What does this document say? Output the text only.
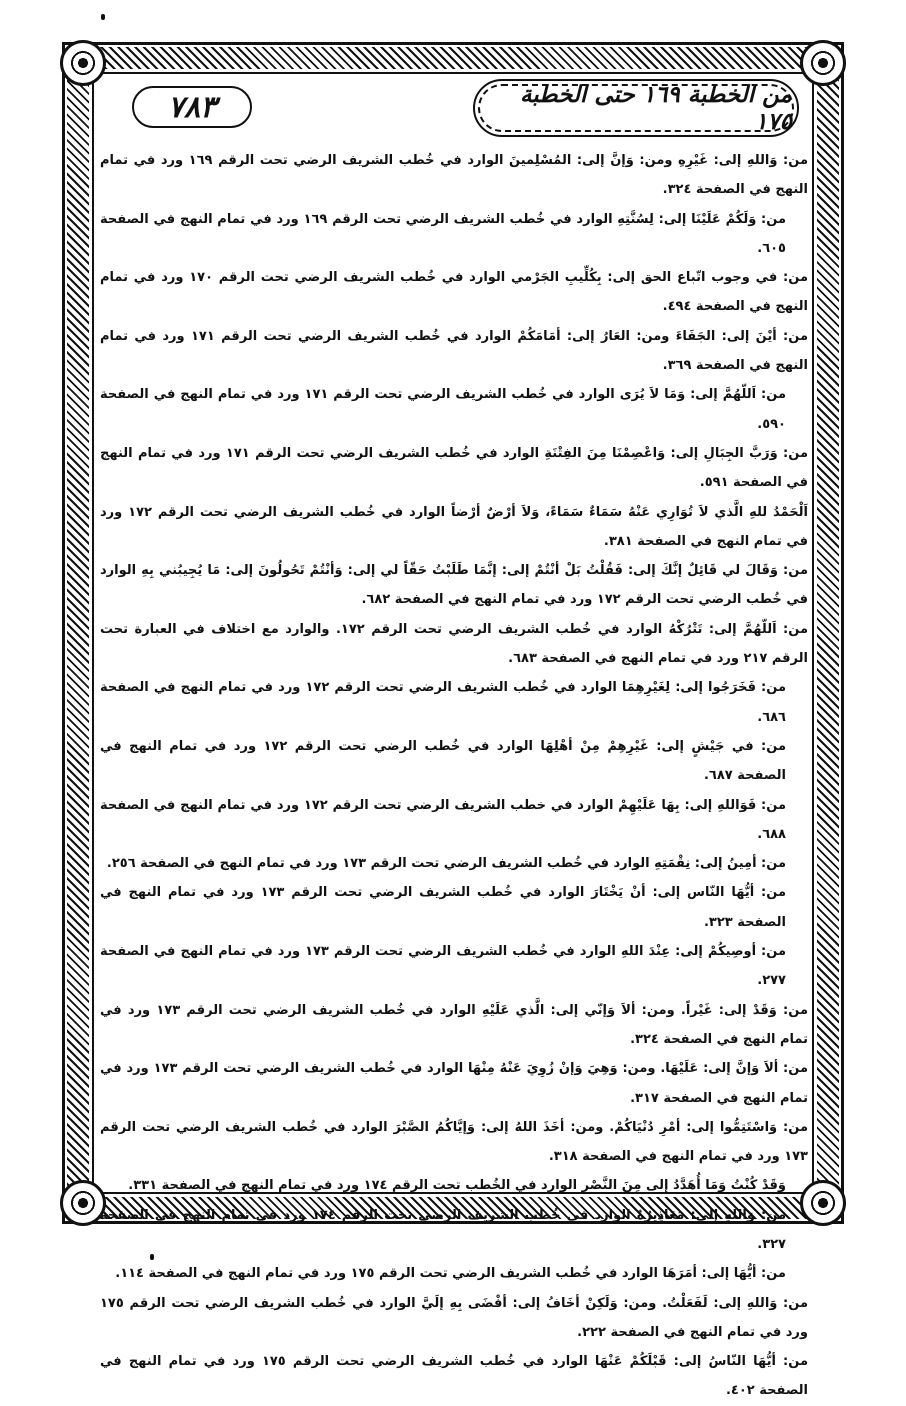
٧٨٣	من الخطبة ١٦٩ حتى الخطبة ١٧٥

من: وَاللهِ إلى: غَيْرِهِ ومن: وَإنَّ إلى: المُسْلِمينَ الوارد في خُطب الشريف الرضي تحت الرقم ١٦٩ ورد في تمام النهج في الصفحة ٣٢٤.

من: وَلَكُمْ عَلَيْنَا إلى: لِسُنَّتِهِ الوارد في خُطب الشريف الرضي تحت الرقم ١٦٩ ورد في تمام النهج في الصفحة ٦٠٥.

من: في وجوب اتّباع الحق إلى: بِكُلِّيبِ الجَرْمي الوارد في خُطب الشريف الرضي تحت الرقم ١٧٠ ورد في تمام النهج في الصفحة ٤٩٤.

من: أيْنَ إلى: الجَفَاءَ ومن: العَارُ إلى: أمَامَكُمْ الوارد في خُطب الشريف الرضي تحت الرقم ١٧١ ورد في تمام النهج في الصفحة ٣٦٩.

من: اَللّهُمَّ إلى: وَمَا لاَ يُرَى الوارد في خُطب الشريف الرضي تحت الرقم ١٧١ ورد في تمام النهج في الصفحة ٥٩٠.

من: وَرَبَّ الجِبَالِ إلى: وَاعْصِمْنَا مِنَ الفِتْنَةِ الوارد في خُطب الشريف الرضي تحت الرقم ١٧١ ورد في تمام النهج في الصفحة ٥٩١.

اَلْحَمْدُ للهِ الَّذي لاَ تُوَارِي عَنْهُ سَمَاءٌ سَمَاءً، وَلاَ أرْضٌ أرْضاً الوارد في خُطب الشريف الرضي تحت الرقم ١٧٢ ورد في تمام النهج في الصفحة ٣٨١.

من: وَقَالَ لي قَائِلٌ إنَّكَ إلى: فَقُلْتُ بَلْ أنْتُمْ إلى: إنَّمَا طَلَبْتُ حَقّاً لي إلى: وَأنْتُمْ تَحُولُونَ إلى: مَا يُجِيبُني بِهِ الوارد في خُطب الرضي تحت الرقم ١٧٢ ورد في تمام النهج في الصفحة ٦٨٢.

من: اَللّهُمَّ إلى: تَتْرُكْهُ الوارد في خُطب الشريف الرضي تحت الرقم ١٧٢. والوارد مع اختلاف في العبارة تحت الرقم ٢١٧ ورد في تمام النهج في الصفحة ٦٨٣.

من: فَخَرَجُوا إلى: لِغَيْرِهِمَا الوارد في خُطب الشريف الرضي تحت الرقم ١٧٢ ورد في تمام النهج في الصفحة ٦٨٦.

من: في جَيْشٍ إلى: غَيْرِهِمْ مِنْ أهْلِهَا الوارد في خُطب الرضي تحت الرقم ١٧٢ ورد في تمام النهج في الصفحة ٦٨٧.

من: فَوَاللهِ إلى: بِهَا عَلَيْهِمْ الوارد في خطب الشريف الرضي تحت الرقم ١٧٢ ورد في تمام النهج في الصفحة ٦٨٨.

من: أمِينُ إلى: نِقْمَتِهِ الوارد في خُطب الشريف الرضي تحت الرقم ١٧٣ ورد في تمام النهج في الصفحة ٢٥٦.

من: أيُّهَا النّاس إلى: أنْ يَخْتَارَ الوارد في خُطب الشريف الرضي تحت الرقم ١٧٣ ورد في تمام النهج في الصفحة ٣٢٣.

من: أوصِيكُمْ إلى: عِنْدَ اللهِ الوارد في خُطب الشريف الرضي تحت الرقم ١٧٣ ورد في تمام النهج في الصفحة ٢٧٧.

من: وَقَدْ إلى: غَيْراً. ومن: ألاَ وَإنّي إلى: الَّذي عَلَيْهِ الوارد في خُطب الشريف الرضي تحت الرقم ١٧٣ ورد في تمام النهج في الصفحة ٣٢٤.

من: ألاَ وَإنَّ إلى: عَلَيْهَا. ومن: وَهِيَ وَإنْ زُوِيَ عَنْهُ مِنْهَا الوارد في خُطب الشريف الرضي تحت الرقم ١٧٣ ورد في تمام النهج في الصفحة ٣١٧.

من: وَاسْتَتِمُّوا إلى: أمْرِ دُنْيَاكُمْ. ومن: أخَذَ اللهُ إلى: وَإيَّاكُمُ الصَّبْرَ الوارد في خُطب الشريف الرضي تحت الرقم ١٧٣ ورد في تمام النهج في الصفحة ٣١٨.

وَقَدْ كُنْتُ وَمَا أُهَدَّدُ إلى مِنَ النَّصْرِ الوارد في الخُطب تحت الرقم ١٧٤ ورد في تمام النهج في الصفحة ٣٣١.

من: وَاللهِ إلى: مَعَاذِيرُهُ الوارد في خُطب الشريف الرضي تحت الرقم ١٧٤ ورد في تمام النهج في الصفحة ٣٢٧.

من: أيُّهَا إلى: أمَرَهَا الوارد في خُطب الشريف الرضي تحت الرقم ١٧٥ ورد في تمام النهج في الصفحة ١١٤.

من: وَاللهِ إلى: لَفَعَلْتُ. ومن: وَلَكِنْ أخَافُ إلى: أفْضَى بِهِ إلَيَّ الوارد في خُطب الشريف الرضي تحت الرقم ١٧٥ ورد في تمام النهج في الصفحة ٢٢٢.

من: أيُّهَا النّاسُ إلى: قَبْلَكُمْ عَنْهَا الوارد في خُطب الشريف الرضي تحت الرقم ١٧٥ ورد في تمام النهج في الصفحة ٤٠٢.
